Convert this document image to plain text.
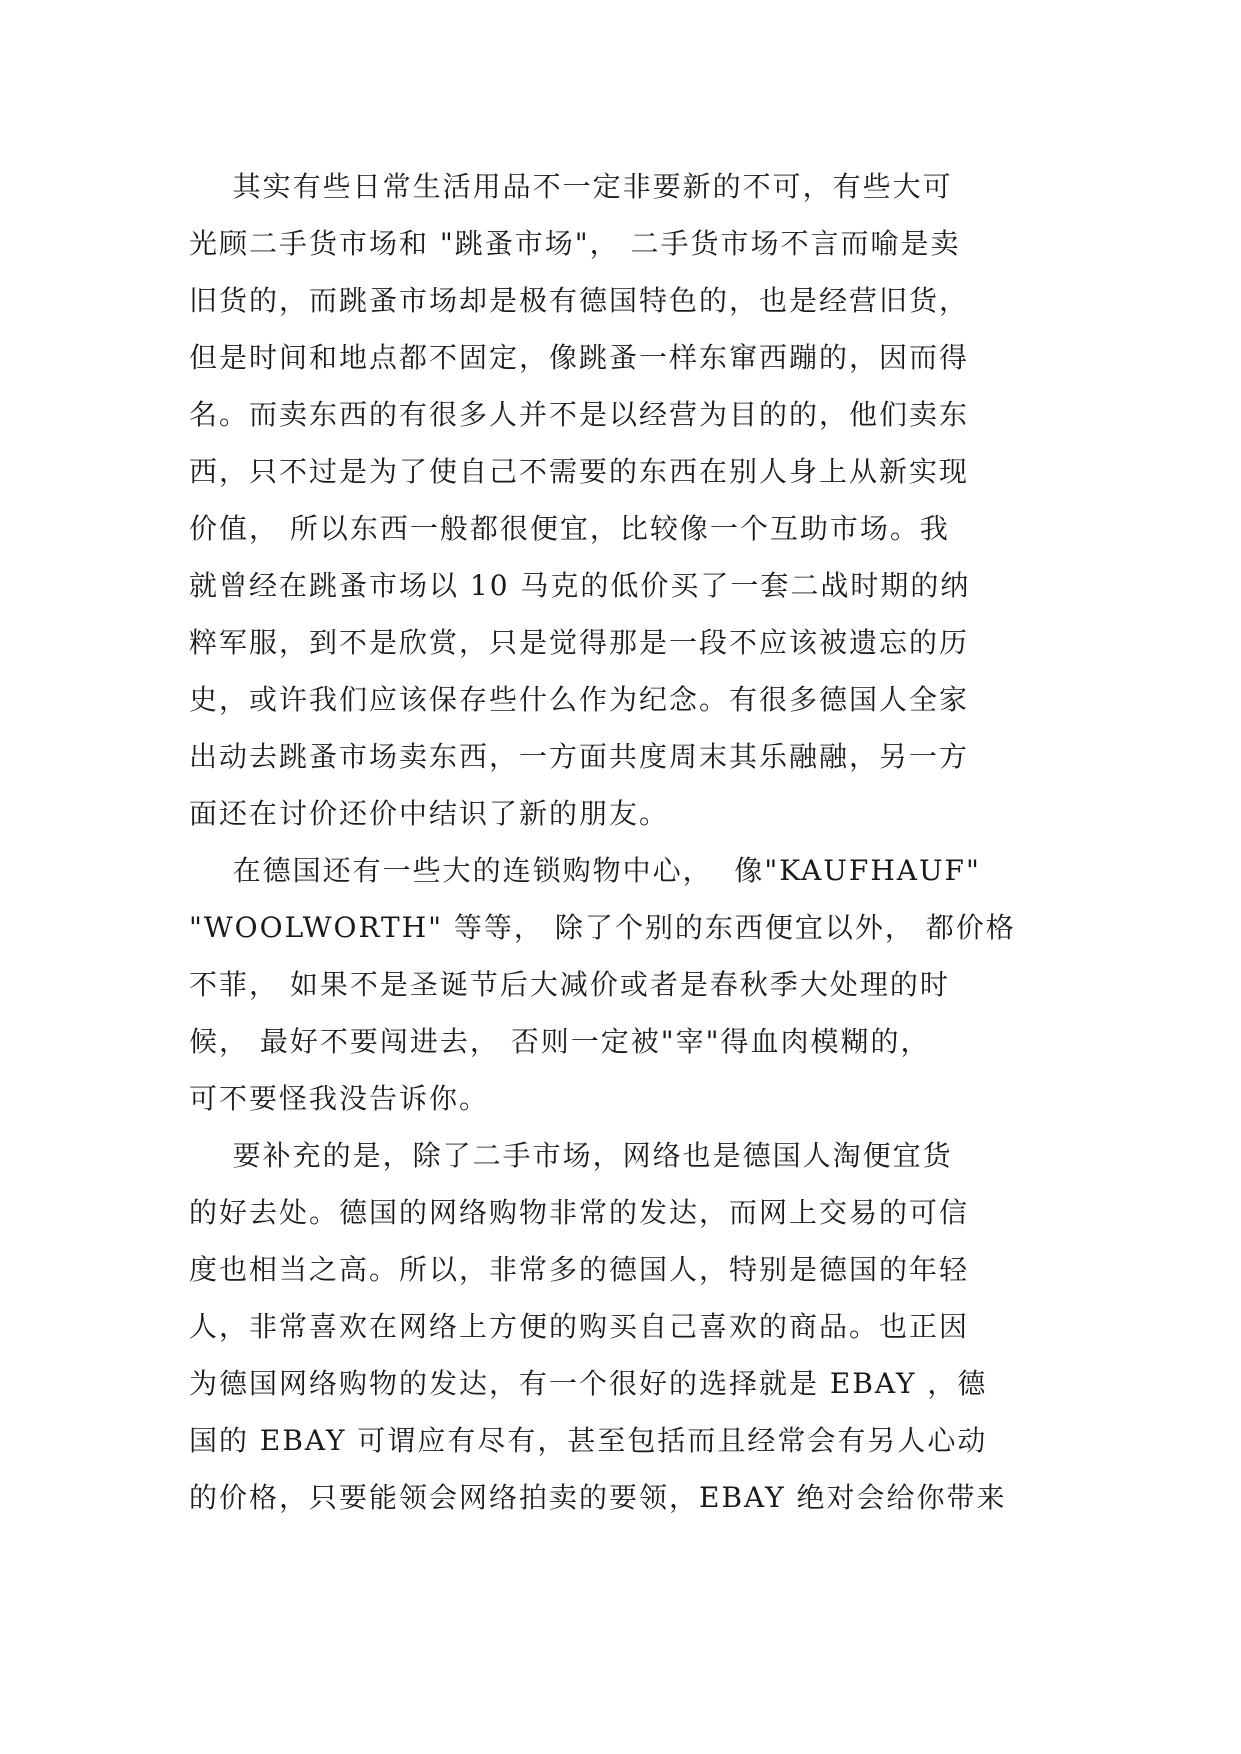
其实有些日常生活用品不一定非要新的不可，有些大可
光顾二手货市场和 "跳蚤市场"， 二手货市场不言而喻是卖
旧货的，而跳蚤市场却是极有德国特色的，也是经营旧货，
但是时间和地点都不固定，像跳蚤一样东窜西蹦的，因而得
名。而卖东西的有很多人并不是以经营为目的的，他们卖东
西，只不过是为了使自己不需要的东西在别人身上从新实现
价值， 所以东西一般都很便宜，比较像一个互助市场。我
就曾经在跳蚤市场以 10 马克的低价买了一套二战时期的纳
粹军服，到不是欣赏，只是觉得那是一段不应该被遗忘的历
史，或许我们应该保存些什么作为纪念。有很多德国人全家
出动去跳蚤市场卖东西，一方面共度周末其乐融融，另一方
面还在讨价还价中结识了新的朋友。

在德国还有一些大的连锁购物中心，  像"KAUFHAUF"
"WOOLWORTH" 等等， 除了个别的东西便宜以外， 都价格
不菲， 如果不是圣诞节后大减价或者是春秋季大处理的时
候， 最好不要闯进去， 否则一定被"宰"得血肉模糊的，
可不要怪我没告诉你。

要补充的是，除了二手市场，网络也是德国人淘便宜货
的好去处。德国的网络购物非常的发达，而网上交易的可信
度也相当之高。所以，非常多的德国人，特别是德国的年轻
人，非常喜欢在网络上方便的购买自己喜欢的商品。也正因
为德国网络购物的发达，有一个很好的选择就是 EBAY ，德
国的 EBAY 可谓应有尽有，甚至包括而且经常会有另人心动
的价格，只要能领会网络拍卖的要领，EBAY 绝对会给你带来
